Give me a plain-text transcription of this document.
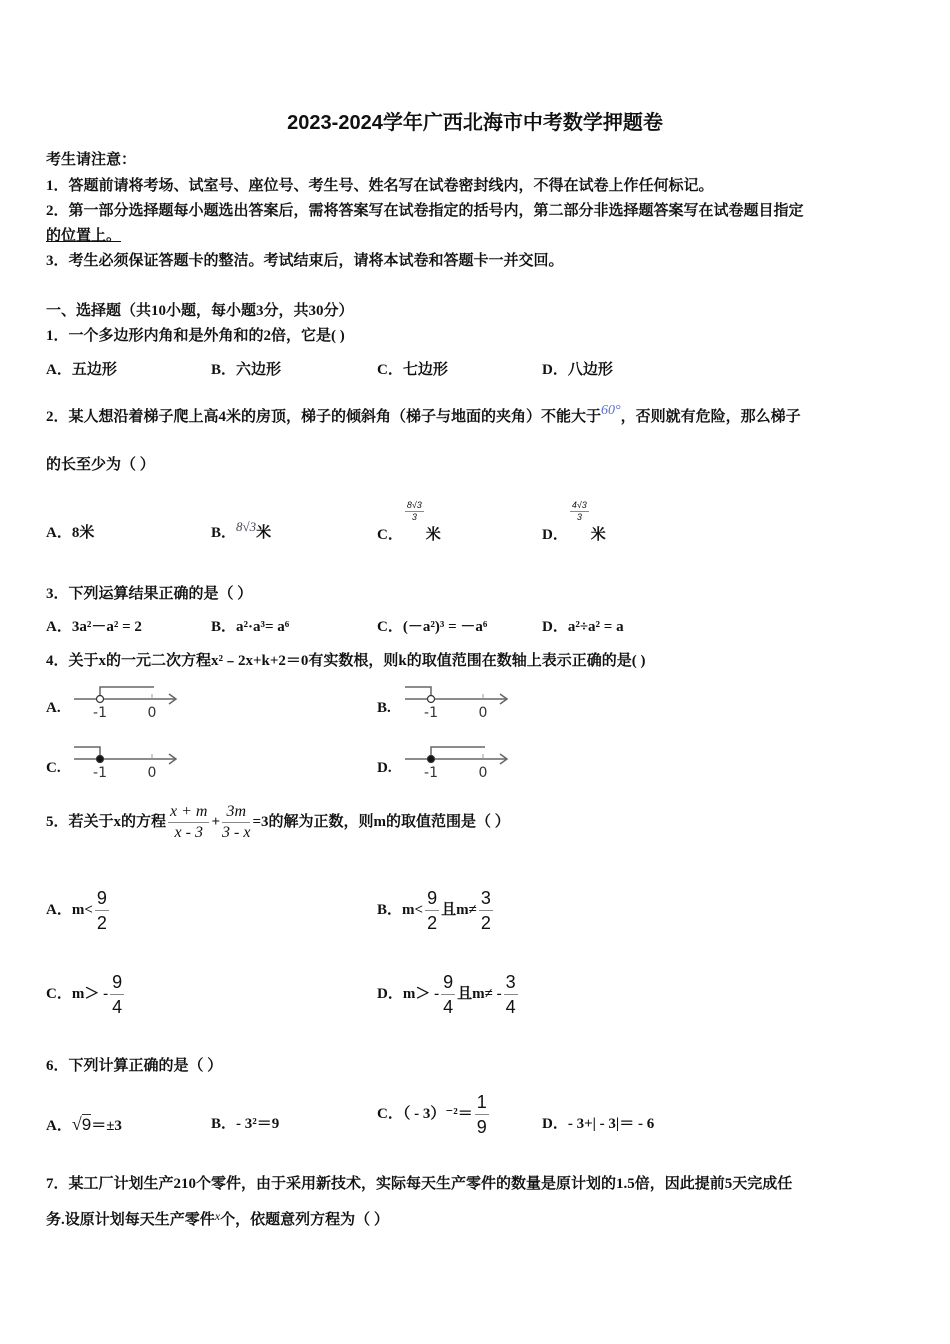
2023-2024学年广西北海市中考数学押题卷
考生请注意：
1．答题前请将考场、试室号、座位号、考生号、姓名写在试卷密封线内，不得在试卷上作任何标记。
2．第一部分选择题每小题选出答案后，需将答案写在试卷指定的括号内，第二部分非选择题答案写在试卷题目指定
的位置上。
3．考生必须保证答题卡的整洁。考试结束后，请将本试卷和答题卡一并交回。
一、选择题（共10小题，每小题3分，共30分）
1．一个多边形内角和是外角和的2倍，它是( )
A．五边形	B．六边形	C．七边形	D．八边形
2．某人想沿着梯子爬上高4米的房顶，梯子的倾斜角（梯子与地面的夹角）不能大于60°，否则就有危险，那么梯子
的长至少为（ ）
A．8米	B．8√3米	C．
$\frac{8√3}{3}$
米	D．
$\frac{4√3}{3}$
米
3．下列运算结果正确的是（ ）
A．3a²－a² = 2	B．a²·a³= a⁶	C．(－a²)³ = －a⁶	D．a²÷a² = a
4．关于x的一元二次方程x²﹣2x+k+2＝0有实数根，则k的取值范围在数轴上表示正确的是( )
A. -1	0	B. -1	0
C. -1	0	D. -1	0
5．若关于x的方程 $\frac{x + m}{x - 3} + \frac{3m}{3 - x} =3$的解为正数，则m的取值范围是（ ）
A．$m< \frac{9}{2}$	B．$m< \frac{9}{2}$ 且$m\ne \frac{3}{2}$
C．$m> - \frac{9}{4}$	D．$m> - \frac{9}{4}$ 且$m\ne - \frac{3}{4}$
6．下列计算正确的是（ ）
A．√9＝±3	B．- 3²＝9
C．（ - $3)^{-2}= \frac{1}{9}$	D．- 3+| - 3|＝ - 6
7．某工厂计划生产210个零件，由于采用新技术，实际每天生产零件的数量是原计划的1.5倍，因此提前5天完成任
务.设原计划每天生产零件$^x$个，依题意列方程为（ ）
